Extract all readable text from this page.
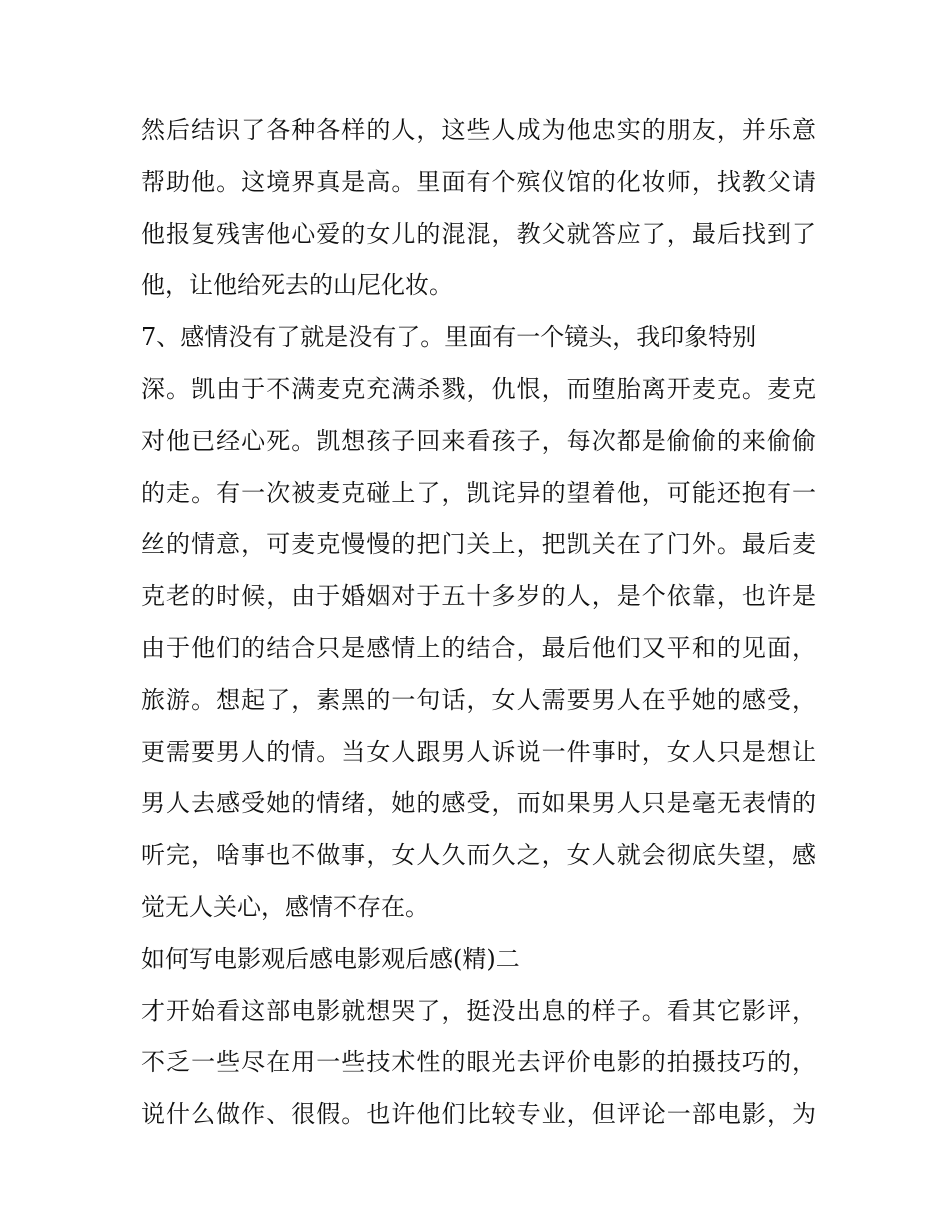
然后结识了各种各样的人，这些人成为他忠实的朋友，并乐意
帮助他。这境界真是高。里面有个殡仪馆的化妆师，找教父请
他报复残害他心爱的女儿的混混，教父就答应了，最后找到了
他，让他给死去的山尼化妆。
7、感情没有了就是没有了。里面有一个镜头，我印象特别
深。凯由于不满麦克充满杀戮，仇恨，而堕胎离开麦克。麦克
对他已经心死。凯想孩子回来看孩子，每次都是偷偷的来偷偷
的走。有一次被麦克碰上了，凯诧异的望着他，可能还抱有一
丝的情意，可麦克慢慢的把门关上，把凯关在了门外。最后麦
克老的时候，由于婚姻对于五十多岁的人，是个依靠，也许是
由于他们的结合只是感情上的结合，最后他们又平和的见面，
旅游。想起了，素黑的一句话，女人需要男人在乎她的感受，
更需要男人的情。当女人跟男人诉说一件事时，女人只是想让
男人去感受她的情绪，她的感受，而如果男人只是毫无表情的
听完，啥事也不做事，女人久而久之，女人就会彻底失望，感
觉无人关心，感情不存在。
如何写电影观后感电影观后感(精)二
才开始看这部电影就想哭了，挺没出息的样子。看其它影评，
不乏一些尽在用一些技术性的眼光去评价电影的拍摄技巧的，
说什么做作、很假。也许他们比较专业，但评论一部电影，为
